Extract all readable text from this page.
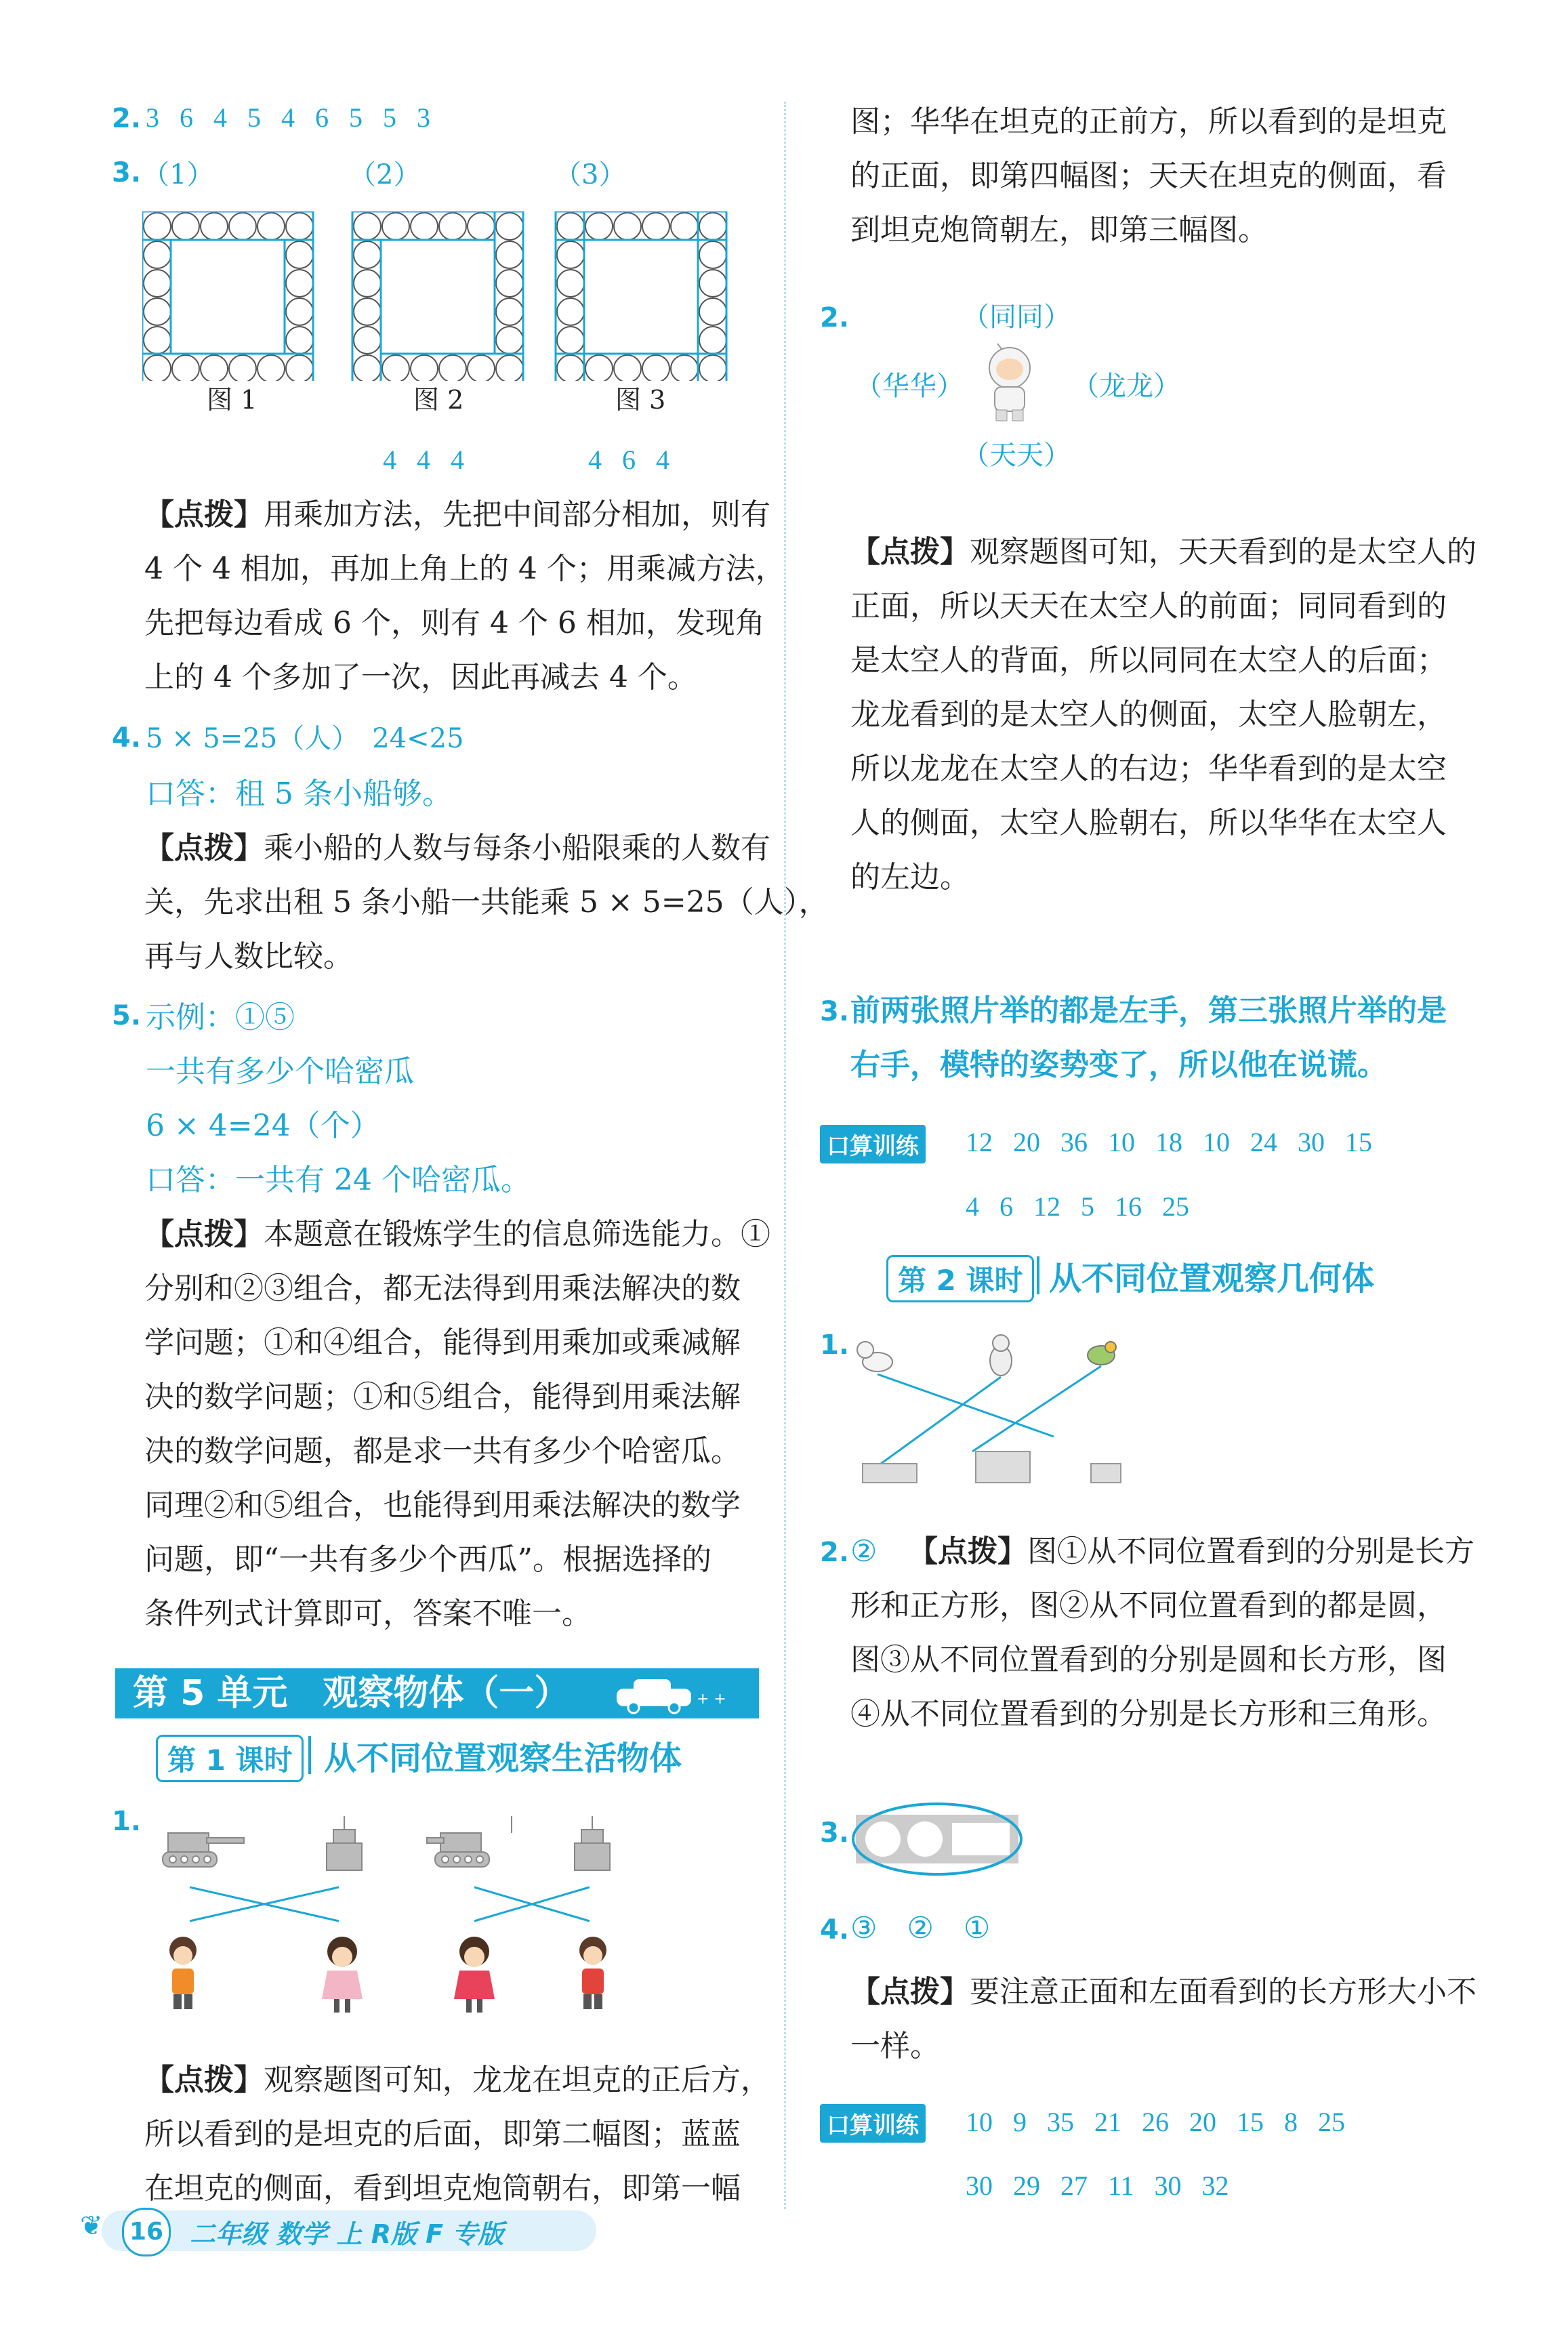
2. 3 6 4 5 4 6 5 5 3
3. （1）	（2）	（3）
图 1	图 2	图 3
4 4 4	4 6 4
【点拨】用乘加方法，先把中间部分相加，则有
4 个 4 相加，再加上角上的 4 个；用乘减方法，
先把每边看成 6 个，则有 4 个 6 相加，发现角
上的 4 个多加了一次，因此再减去 4 个。
4. 5 × 5=25（人）　24<25
口答：租 5 条小船够。
【点拨】乘小船的人数与每条小船限乘的人数有
关，先求出租 5 条小船一共能乘 5 × 5=25（人），
再与人数比较。
5. 示例：①⑤
一共有多少个哈密瓜
6 × 4=24（个）
口答：一共有 24 个哈密瓜。
【点拨】本题意在锻炼学生的信息筛选能力。①
分别和②③组合，都无法得到用乘法解决的数
学问题；①和④组合，能得到用乘加或乘减解
决的数学问题；①和⑤组合，能得到用乘法解
决的数学问题，都是求一共有多少个哈密瓜。
同理②和⑤组合，也能得到用乘法解决的数学
问题，即“一共有多少个西瓜”。根据选择的
条件列式计算即可，答案不唯一。
第 5 单元　观察物体（一）	+ +
第 1 课时 从不同位置观察生活物体
1.
【点拨】观察题图可知，龙龙在坦克的正后方，
所以看到的是坦克的后面，即第二幅图；蓝蓝
在坦克的侧面，看到坦克炮筒朝右，即第一幅
图；华华在坦克的正前方，所以看到的是坦克
的正面，即第四幅图；天天在坦克的侧面，看
到坦克炮筒朝左，即第三幅图。
2.	（同同）
（华华）	（龙龙）
（天天）
【点拨】观察题图可知，天天看到的是太空人的
正面，所以天天在太空人的前面；同同看到的
是太空人的背面，所以同同在太空人的后面；
龙龙看到的是太空人的侧面，太空人脸朝左，
所以龙龙在太空人的右边；华华看到的是太空
人的侧面，太空人脸朝右，所以华华在太空人
的左边。
3. 前两张照片举的都是左手，第三张照片举的是
右手，模特的姿势变了，所以他在说谎。
口算训练 12 20 36 10 18 10 24 30 15
4 6 12 5 16 25
第 2 课时 从不同位置观察几何体
1.
2. ② 【点拨】图①从不同位置看到的分别是长方
形和正方形，图②从不同位置看到的都是圆，
图③从不同位置看到的分别是圆和长方形，图
④从不同位置看到的分别是长方形和三角形。
3.
4. ③　 ②　 ①
【点拨】要注意正面和左面看到的长方形大小不
一样。
口算训练 10 9 35 21 26 20 15 8 25
30 29 27 11 30 32
❦	16 二年级 数学 上 R版 F 专版
